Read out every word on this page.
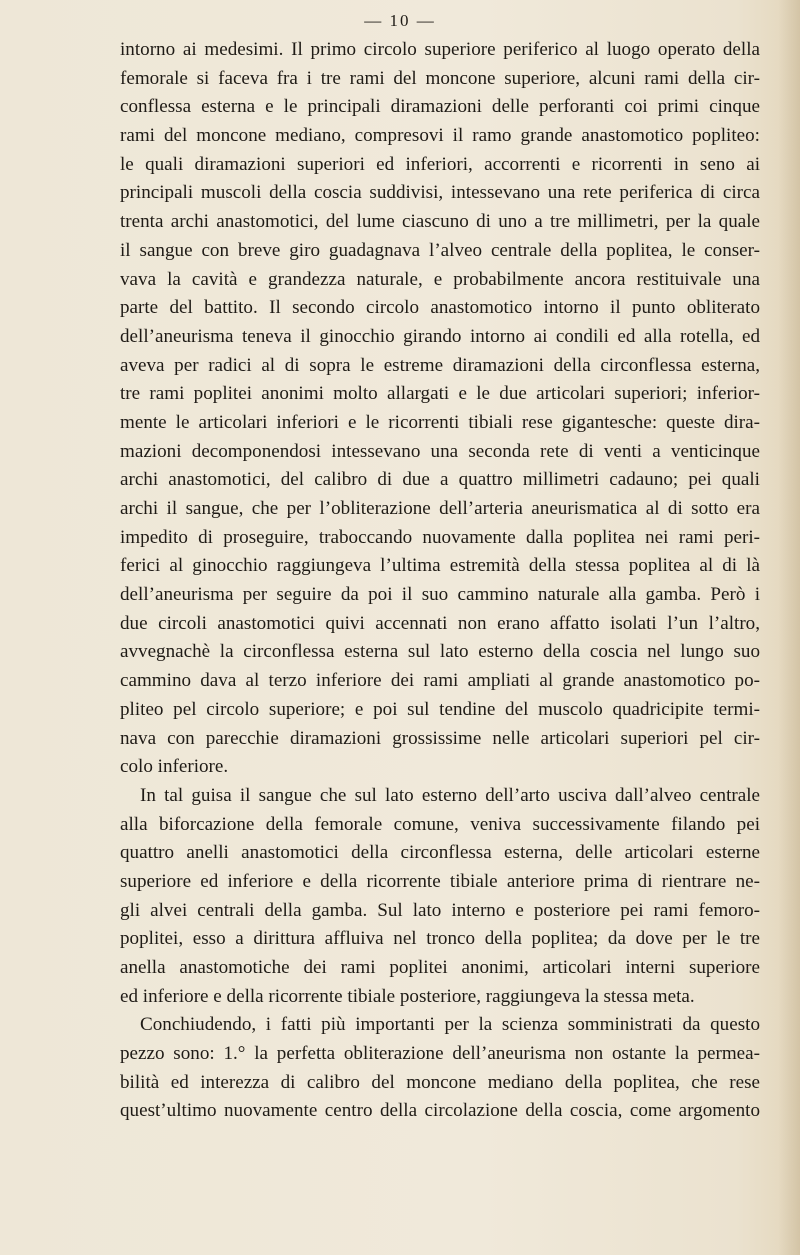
— 10 —
intorno ai medesimi. Il primo circolo superiore periferico al luogo operato della
femorale si faceva fra i tre rami del moncone superiore, alcuni rami della cir-
conflessa esterna e le principali diramazioni delle perforanti coi primi cinque
rami del moncone mediano, compresovi il ramo grande anastomotico popliteo:
le quali diramazioni superiori ed inferiori, accorrenti e ricorrenti in seno ai
principali muscoli della coscia suddivisi, intessevano una rete periferica di circa
trenta archi anastomotici, del lume ciascuno di uno a tre millimetri, per la quale
il sangue con breve giro guadagnava l’alveo centrale della poplitea, le conser-
vava la cavità e grandezza naturale, e probabilmente ancora restituivale una
parte del battito. Il secondo circolo anastomotico intorno il punto obliterato
dell’aneurisma teneva il ginocchio girando intorno ai condili ed alla rotella, ed
aveva per radici al di sopra le estreme diramazioni della circonflessa esterna,
tre rami poplitei anonimi molto allargati e le due articolari superiori; inferior-
mente le articolari inferiori e le ricorrenti tibiali rese gigantesche: queste dira-
mazioni decomponendosi intessevano una seconda rete di venti a venticinque
archi anastomotici, del calibro di due a quattro millimetri cadauno; pei quali
archi il sangue, che per l’obliterazione dell’arteria aneurismatica al di sotto era
impedito di proseguire, traboccando nuovamente dalla poplitea nei rami peri-
ferici al ginocchio raggiungeva l’ultima estremità della stessa poplitea al di là
dell’aneurisma per seguire da poi il suo cammino naturale alla gamba. Però i
due circoli anastomotici quivi accennati non erano affatto isolati l’un l’altro,
avvegnachè la circonflessa esterna sul lato esterno della coscia nel lungo suo
cammino dava al terzo inferiore dei rami ampliati al grande anastomotico po-
pliteo pel circolo superiore; e poi sul tendine del muscolo quadricipite termi-
nava con parecchie diramazioni grossissime nelle articolari superiori pel cir-
colo inferiore.
In tal guisa il sangue che sul lato esterno dell’arto usciva dall’alveo centrale
alla biforcazione della femorale comune, veniva successivamente filando pei
quattro anelli anastomotici della circonflessa esterna, delle articolari esterne
superiore ed inferiore e della ricorrente tibiale anteriore prima di rientrare ne-
gli alvei centrali della gamba. Sul lato interno e posteriore pei rami femoro-
poplitei, esso a dirittura affluiva nel tronco della poplitea; da dove per le tre
anella anastomotiche dei rami poplitei anonimi, articolari interni superiore
ed inferiore e della ricorrente tibiale posteriore, raggiungeva la stessa meta.
Conchiudendo, i fatti più importanti per la scienza somministrati da questo
pezzo sono: 1.° la perfetta obliterazione dell’aneurisma non ostante la permea-
bilità ed interezza di calibro del moncone mediano della poplitea, che rese
quest’ultimo nuovamente centro della circolazione della coscia, come argomento
